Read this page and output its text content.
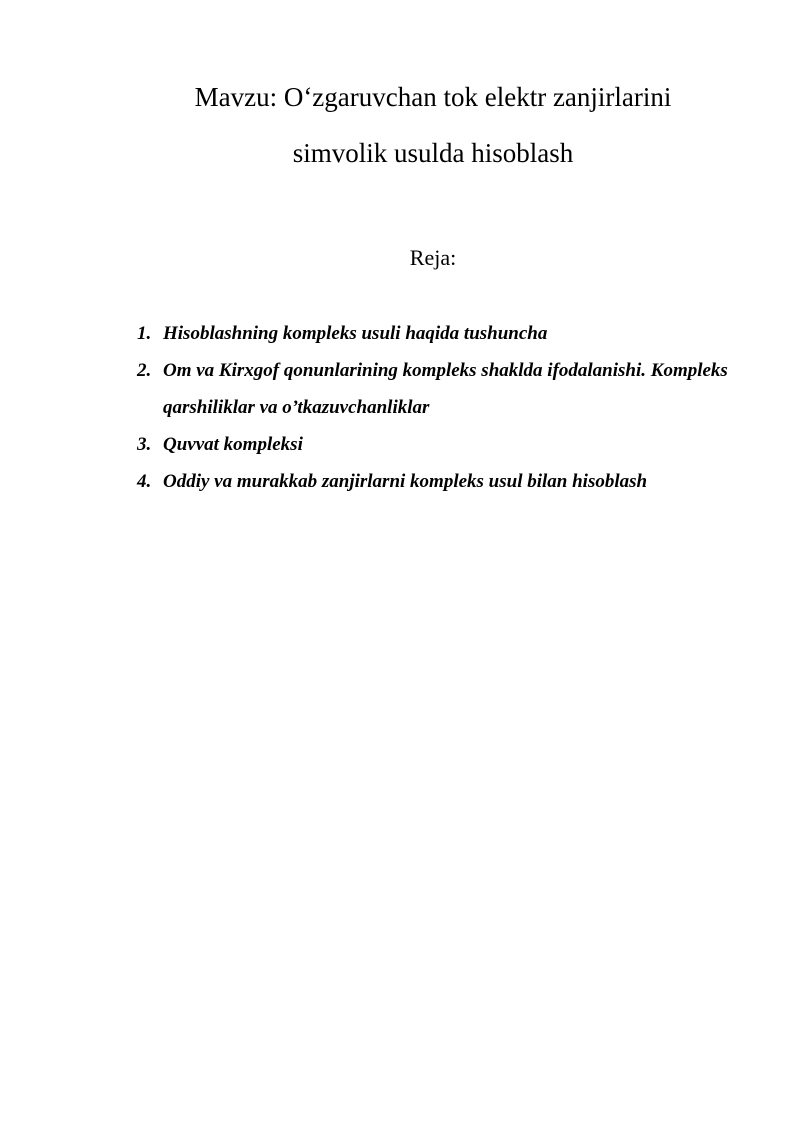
Mavzu: O‘zgaruvchan tok elektr zanjirlarini
simvolik usulda hisoblash
Reja:
1. Hisoblashning kompleks usuli haqida tushuncha
2. Om va Kirxgof qonunlarining kompleks shaklda ifodalanishi. Kompleks qarshiliklar va o’tkazuvchanliklar
3. Quvvat kompleksi
4. Oddiy va murakkab zanjirlarni kompleks usul bilan hisoblash
